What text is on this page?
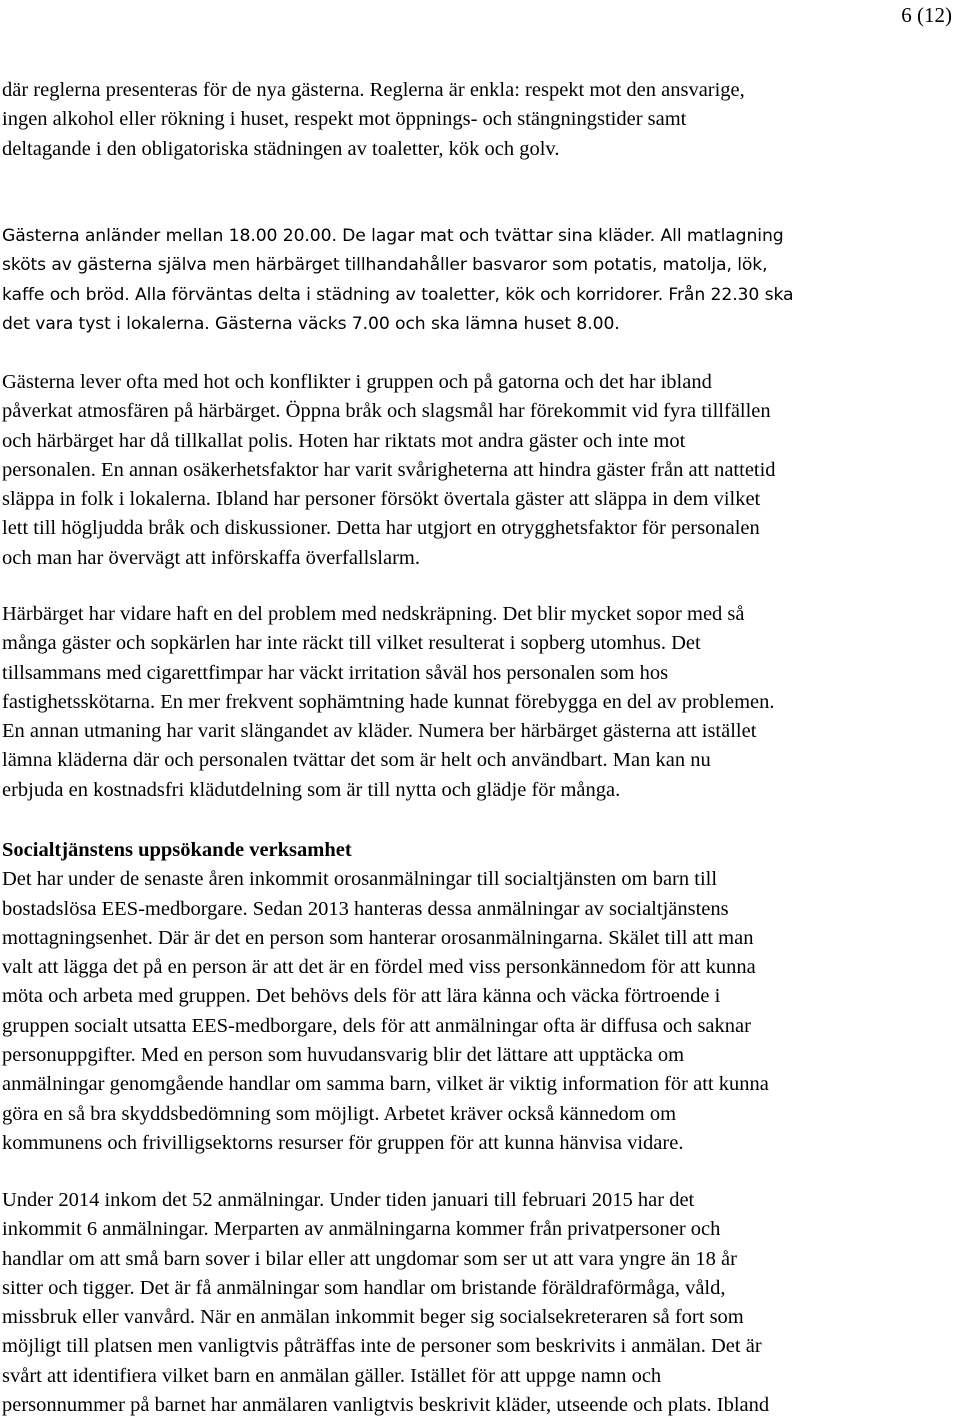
6 (12)
där reglerna presenteras för de nya gästerna. Reglerna är enkla: respekt mot den ansvarige,
ingen alkohol eller rökning i huset, respekt mot öppnings- och stängningstider samt
deltagande i den obligatoriska städningen av toaletter, kök och golv.
Gästerna anländer mellan 18.00 20.00. De lagar mat och tvättar sina kläder. All matlagning
sköts av gästerna själva men härbärget tillhandahåller basvaror som potatis, matolja, lök,
kaffe och bröd. Alla förväntas delta i städning av toaletter, kök och korridorer. Från 22.30 ska
det vara tyst i lokalerna. Gästerna väcks 7.00 och ska lämna huset 8.00.
Gästerna lever ofta med hot och konflikter i gruppen och på gatorna och det har ibland
påverkat atmosfären på härbärget. Öppna bråk och slagsmål har förekommit vid fyra tillfällen
och härbärget har då tillkallat polis. Hoten har riktats mot andra gäster och inte mot
personalen. En annan osäkerhetsfaktor har varit svårigheterna att hindra gäster från att nattetid
släppa in folk i lokalerna. Ibland har personer försökt övertala gäster att släppa in dem vilket
lett till högljudda bråk och diskussioner. Detta har utgjort en otrygghetsfaktor för personalen
och man har övervägt att införskaffa överfallslarm.
Härbärget har vidare haft en del problem med nedskräpning. Det blir mycket sopor med så
många gäster och sopkärlen har inte räckt till vilket resulterat i sopberg utomhus. Det
tillsammans med cigarettfimpar har väckt irritation såväl hos personalen som hos
fastighetsskötarna. En mer frekvent sophämtning hade kunnat förebygga en del av problemen.
En annan utmaning har varit slängandet av kläder. Numera ber härbärget gästerna att istället
lämna kläderna där och personalen tvättar det som är helt och användbart. Man kan nu
erbjuda en kostnadsfri klädutdelning som är till nytta och glädje för många.
Socialtjänstens uppsökande verksamhet
Det har under de senaste åren inkommit orosanmälningar till socialtjänsten om barn till
bostadslösa EES-medborgare. Sedan 2013 hanteras dessa anmälningar av socialtjänstens
mottagningsenhet. Där är det en person som hanterar orosanmälningarna. Skälet till att man
valt att lägga det på en person är att det är en fördel med viss personkännedom för att kunna
möta och arbeta med gruppen. Det behövs dels för att lära känna och väcka förtroende i
gruppen socialt utsatta EES-medborgare, dels för att anmälningar ofta är diffusa och saknar
personuppgifter. Med en person som huvudansvarig blir det lättare att upptäcka om
anmälningar genomgående handlar om samma barn, vilket är viktig information för att kunna
göra en så bra skyddsbedömning som möjligt. Arbetet kräver också kännedom om
kommunens och frivilligsektorns resurser för gruppen för att kunna hänvisa vidare.
Under 2014 inkom det 52 anmälningar. Under tiden januari till februari 2015 har det
inkommit 6 anmälningar. Merparten av anmälningarna kommer från privatpersoner och
handlar om att små barn sover i bilar eller att ungdomar som ser ut att vara yngre än 18 år
sitter och tigger. Det är få anmälningar som handlar om bristande föräldraförmåga, våld,
missbruk eller vanvård. När en anmälan inkommit beger sig socialsekreteraren så fort som
möjligt till platsen men vanligtvis påträffas inte de personer som beskrivits i anmälan. Det är
svårt att identifiera vilket barn en anmälan gäller. Istället för att uppge namn och
personnummer på barnet har anmälaren vanligtvis beskrivit kläder, utseende och plats. Ibland
